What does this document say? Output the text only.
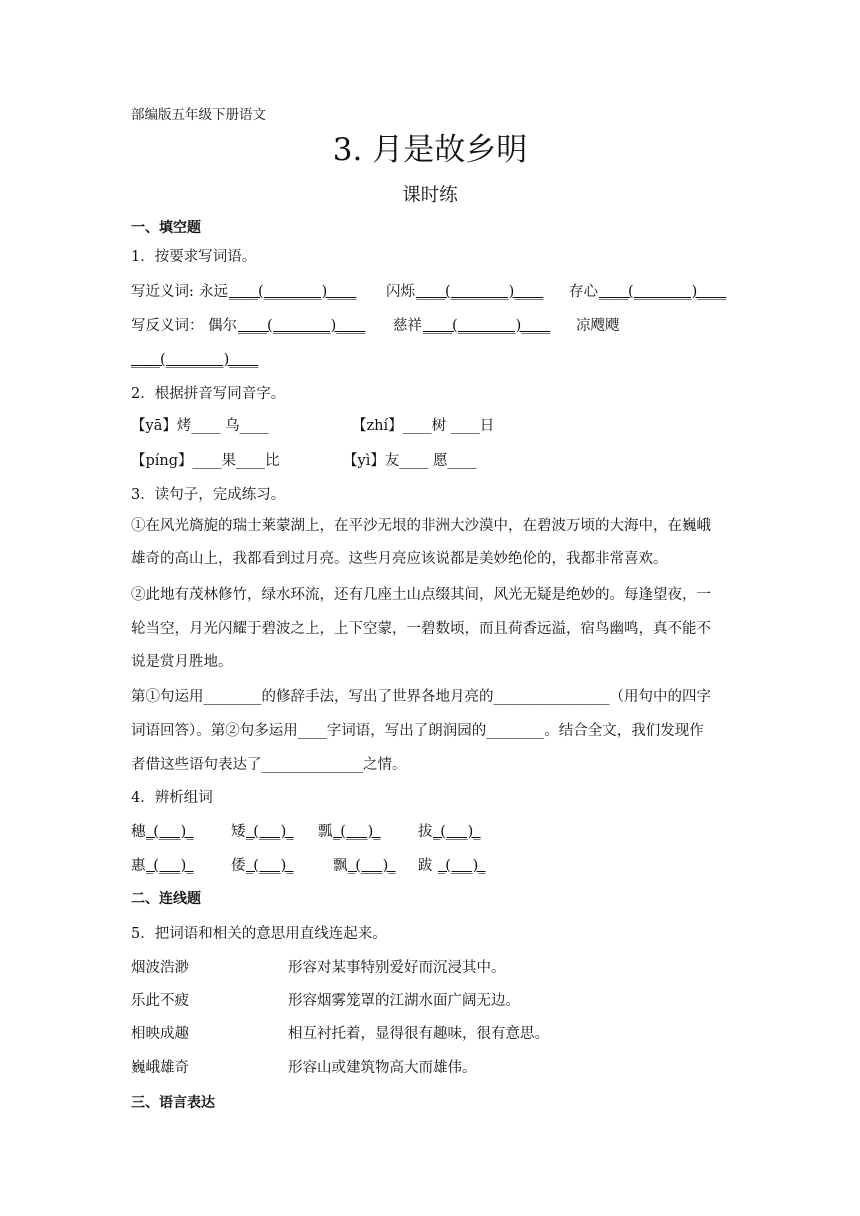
部编版五年级下册语文
3. 月是故乡明
课时练
一、填空题
1．按要求写词语。
写近义词: 永远 ____(________)____ 闪烁 ____(________)____ 存心 ____(________)____
写反义词： 偶尔 ____(________)____ 慈祥 ____(________)____ 凉飕飕
____(________)____
2．根据拼音写同音字。
【yā】烤____ 乌____	【zhí】____树 ____日
【píng】____果____比	【yì】友____ 愿____
3．读句子，完成练习。
①在风光旖旎的瑞士莱蒙湖上，在平沙无垠的非洲大沙漠中，在碧波万顷的大海中，在巍峨
雄奇的高山上，我都看到过月亮。这些月亮应该说都是美妙绝伦的，我都非常喜欢。
②此地有茂林修竹，绿水环流，还有几座土山点缀其间，风光无疑是绝妙的。每逢望夜，一
轮当空，月光闪耀于碧波之上，上下空蒙，一碧数顷，而且荷香远溢，宿鸟幽鸣，真不能不
说是赏月胜地。
第①句运用________的修辞手法，写出了世界各地月亮的________________（用句中的四字
词语回答）。第②句多运用____字词语，写出了朗润园的________。结合全文，我们发现作
者借这些语句表达了______________之情。
4．辨析组词
穗 _(___)_	矮 _(___)_ 瓢 _(___)_	拔 _(___)_
惠 _(___)_	倭 _(___)_	飘 _(___)_ 跋 _(___)_
二、连线题
5．把词语和相关的意思用直线连起来。
烟波浩渺	形容对某事特别爱好而沉浸其中。
乐此不疲	形容烟雾笼罩的江湖水面广阔无边。
相映成趣	相互衬托着，显得很有趣味，很有意思。
巍峨雄奇	形容山或建筑物高大而雄伟。
三、语言表达
